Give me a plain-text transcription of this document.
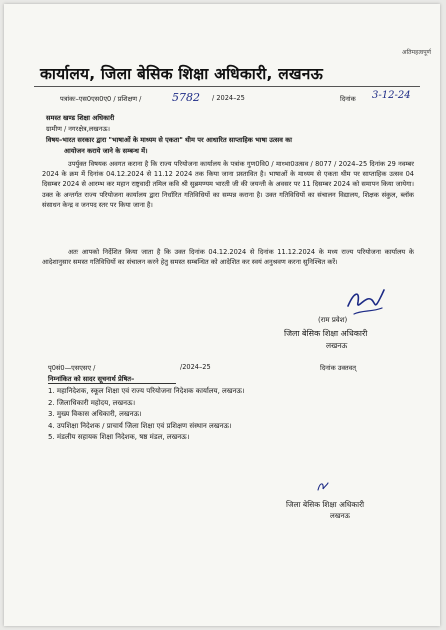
अतिमहत्वपूर्ण
कार्यालय, जिला बेसिक शिक्षा अधिकारी, लखनऊ
पत्रांकः–एस0एस0ए0 / प्रशिक्षण /	5782 / 2024–25	दिनांक 3-12-24
समस्त खण्ड शिक्षा अधिकारी
ग्रामीण / नगरक्षेत्र,लखनऊ।
विषय–भारत सरकार द्वारा "भाषाओं के माध्यम से एकता" थीम पर आधारित साप्ताहिक भाषा उत्सव का
आयोजन कराये जाने के सम्बन्ध में।

उपर्युक्त विषयक अवगत कराना है कि राज्य परियोजना कार्यालय के पत्रांक गुण0वि0 / माध्भा0उत्सव / 8077 / 2024–25 दिनांक 29 नवम्बर 2024 के क्रम में दिनांक 04.12.2024 से 11.12 2024 तक किया जाना प्रस्तावित है। भाषाओं के माध्यम से एकता थीम पर साप्ताहिक उत्सव 04 दिसम्बर 2024 से आरम्भ कर महान राष्ट्रवादी तमिल कवि श्री सुब्रमण्यम भारती जी की जयन्ती के अवसर पर 11 दिसम्बर 2024 को समापन किया जायेगा। उक्त के अन्तर्गत राज्य परियोजना कार्यालय द्वारा निर्धारित गतिविधियों का सम्पन्न कराना है। उक्त गतिविधियों का संचालन विद्यालय, शिक्षक संकुल, ब्लॉक संसाधन केन्द्र व जनपद स्तर पर किया जाना है।

अतः आपको निर्देशित किया जाता है कि उक्त दिनांक 04.12.2024 से दिनांक 11.12.2024 के मध्य राज्य परियोजना कार्यालय के आदेशानुसार समस्त गतिविधियों का संचालन करने हेतु समस्त सम्बन्धित को आदेशित कर स्वयं अनुश्रवण करना सुनिश्चित करें।

(राम प्रवेश)
जिला बेसिक शिक्षा अधिकारी
लखनऊ
पृ0सं0—एसएसए /	/2024–25	दिनांक उक्तवत्
निम्नांकित को सादर सूचनार्थ प्रेषित–
1. महानिदेशक, स्कूल शिक्षा एवं राज्य परियोजना निदेशक कार्यालय, लखनऊ।
2. जिलाधिकारी महोदय, लखनऊ।
3. मुख्य विकास अधिकारी, लखनऊ।
4. उपशिक्षा निदेशक / प्राचार्य जिला शिक्षा एवं प्रशिक्षण संस्थान लखनऊ।
5. मंडलीय सहायक शिक्षा निदेशक, षष्ठ मंडल, लखनऊ।
जिला बेसिक शिक्षा अधिकारी
लखनऊ
